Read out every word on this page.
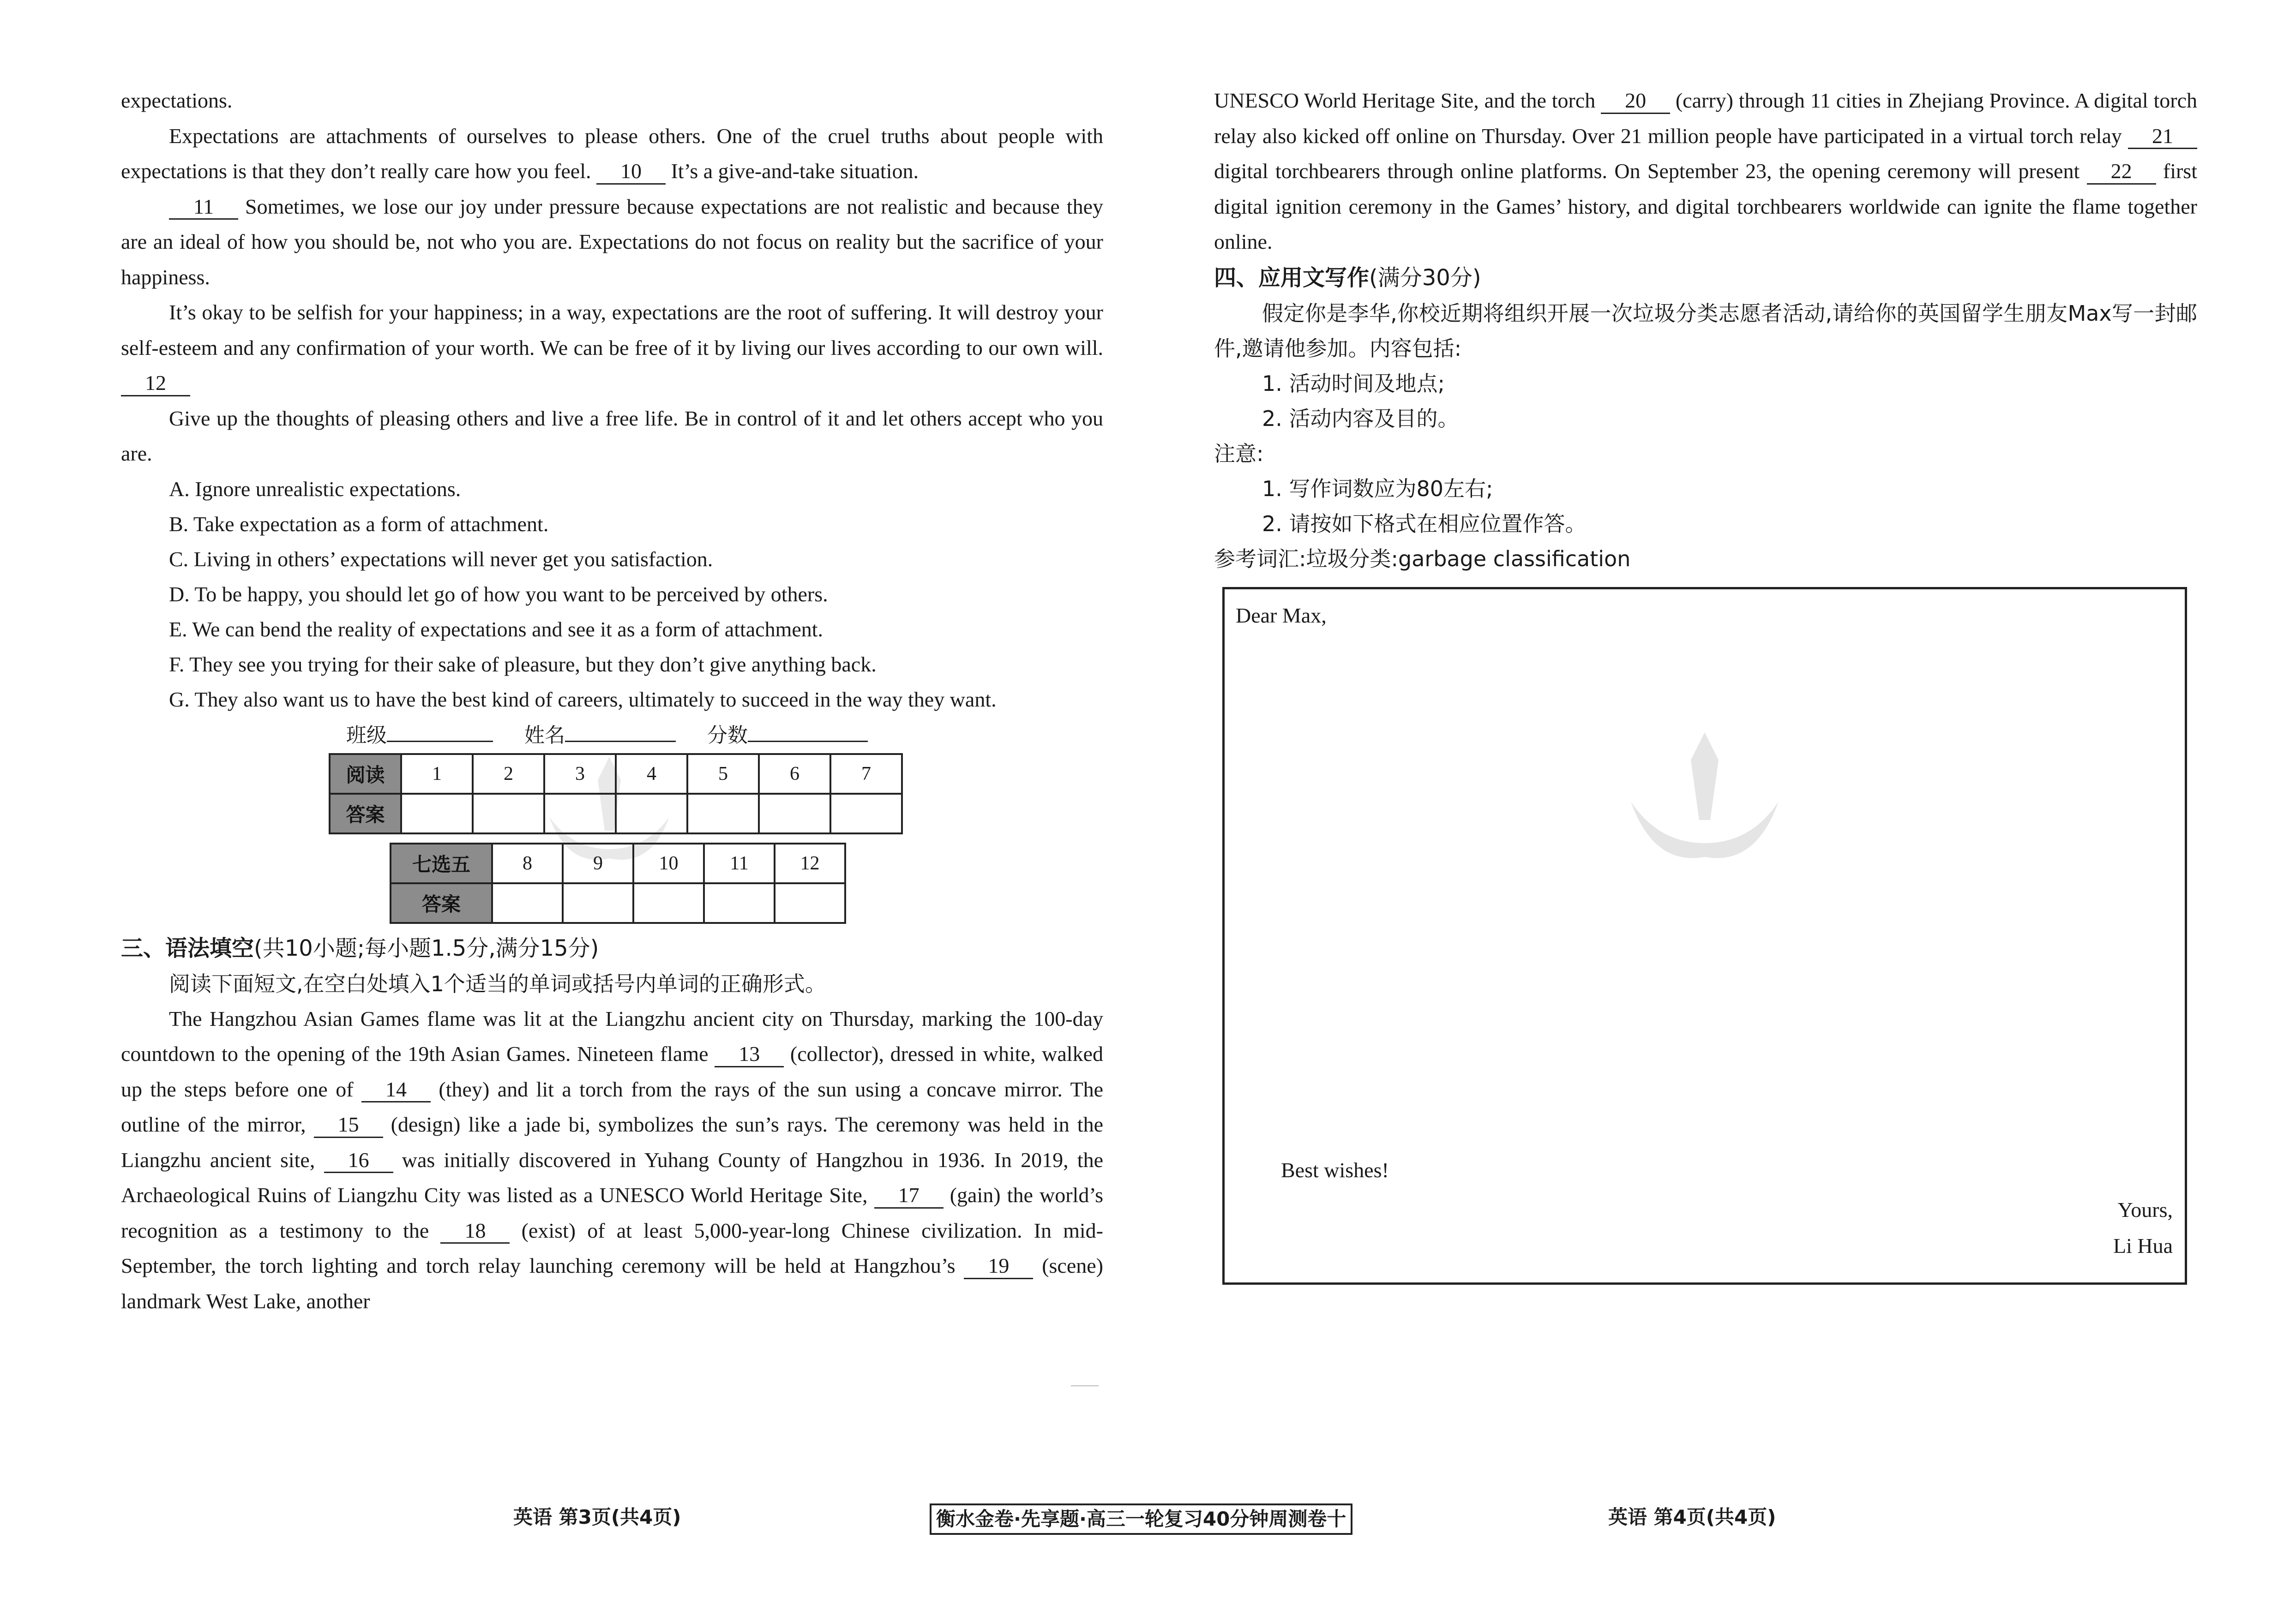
expectations.
Expectations are attachments of ourselves to please others. One of the cruel truths about people with expectations is that they don’t really care how you feel. 10 It’s a give-and-take situation.
11 Sometimes, we lose our joy under pressure because expectations are not realistic and because they are an ideal of how you should be, not who you are. Expectations do not focus on reality but the sacrifice of your happiness.
It’s okay to be selfish for your happiness; in a way, expectations are the root of suffering. It will destroy your self-esteem and any confirmation of your worth. We can be free of it by living our lives according to our own will. 12
Give up the thoughts of pleasing others and live a free life. Be in control of it and let others accept who you are.
A. Ignore unrealistic expectations.
B. Take expectation as a form of attachment.
C. Living in others’ expectations will never get you satisfaction.
D. To be happy, you should let go of how you want to be perceived by others.
E. We can bend the reality of expectations and see it as a form of attachment.
F. They see you trying for their sake of pleasure, but they don’t give anything back.
G. They also want us to have the best kind of careers, ultimately to succeed in the way they want.
班级	姓名	分数
阅读	1	2	3	4	5	6	7
答案							
七选五	8	9	10	11	12
答案					
三、语法填空(共10小题;每小题1.5分,满分15分)
阅读下面短文,在空白处填入1个适当的单词或括号内单词的正确形式。
The Hangzhou Asian Games flame was lit at the Liangzhu ancient city on Thursday, marking the 100-day countdown to the opening of the 19th Asian Games. Nineteen flame 13 (collector), dressed in white, walked up the steps before one of 14 (they) and lit a torch from the rays of the sun using a concave mirror. The outline of the mirror, 15 (design) like a jade bi, symbolizes the sun’s rays. The ceremony was held in the Liangzhu ancient site, 16 was initially discovered in Yuhang County of Hangzhou in 1936. In 2019, the Archaeological Ruins of Liangzhu City was listed as a UNESCO World Heritage Site, 17 (gain) the world’s recognition as a testimony to the 18 (exist) of at least 5,000-year-long Chinese civilization. In mid-September, the torch lighting and torch relay launching ceremony will be held at Hangzhou’s 19 (scene) landmark West Lake, another
UNESCO World Heritage Site, and the torch 20 (carry) through 11 cities in Zhejiang Province. A digital torch relay also kicked off online on Thursday. Over 21 million people have participated in a virtual torch relay 21 digital torchbearers through online platforms. On September 23, the opening ceremony will present 22 first digital ignition ceremony in the Games’ history, and digital torchbearers worldwide can ignite the flame together online.
四、应用文写作(满分30分)
假定你是李华,你校近期将组织开展一次垃圾分类志愿者活动,请给你的英国留学生朋友Max写一封邮件,邀请他参加。内容包括:
1. 活动时间及地点;
2. 活动内容及目的。
注意:
1. 写作词数应为80左右;
2. 请按如下格式在相应位置作答。
参考词汇:垃圾分类:garbage classification
Dear Max,
Best wishes!
Yours,
Li Hua
英语 第3页(共4页)	衡水金卷·先享题·高三一轮复习40分钟周测卷十	英语 第4页(共4页)
